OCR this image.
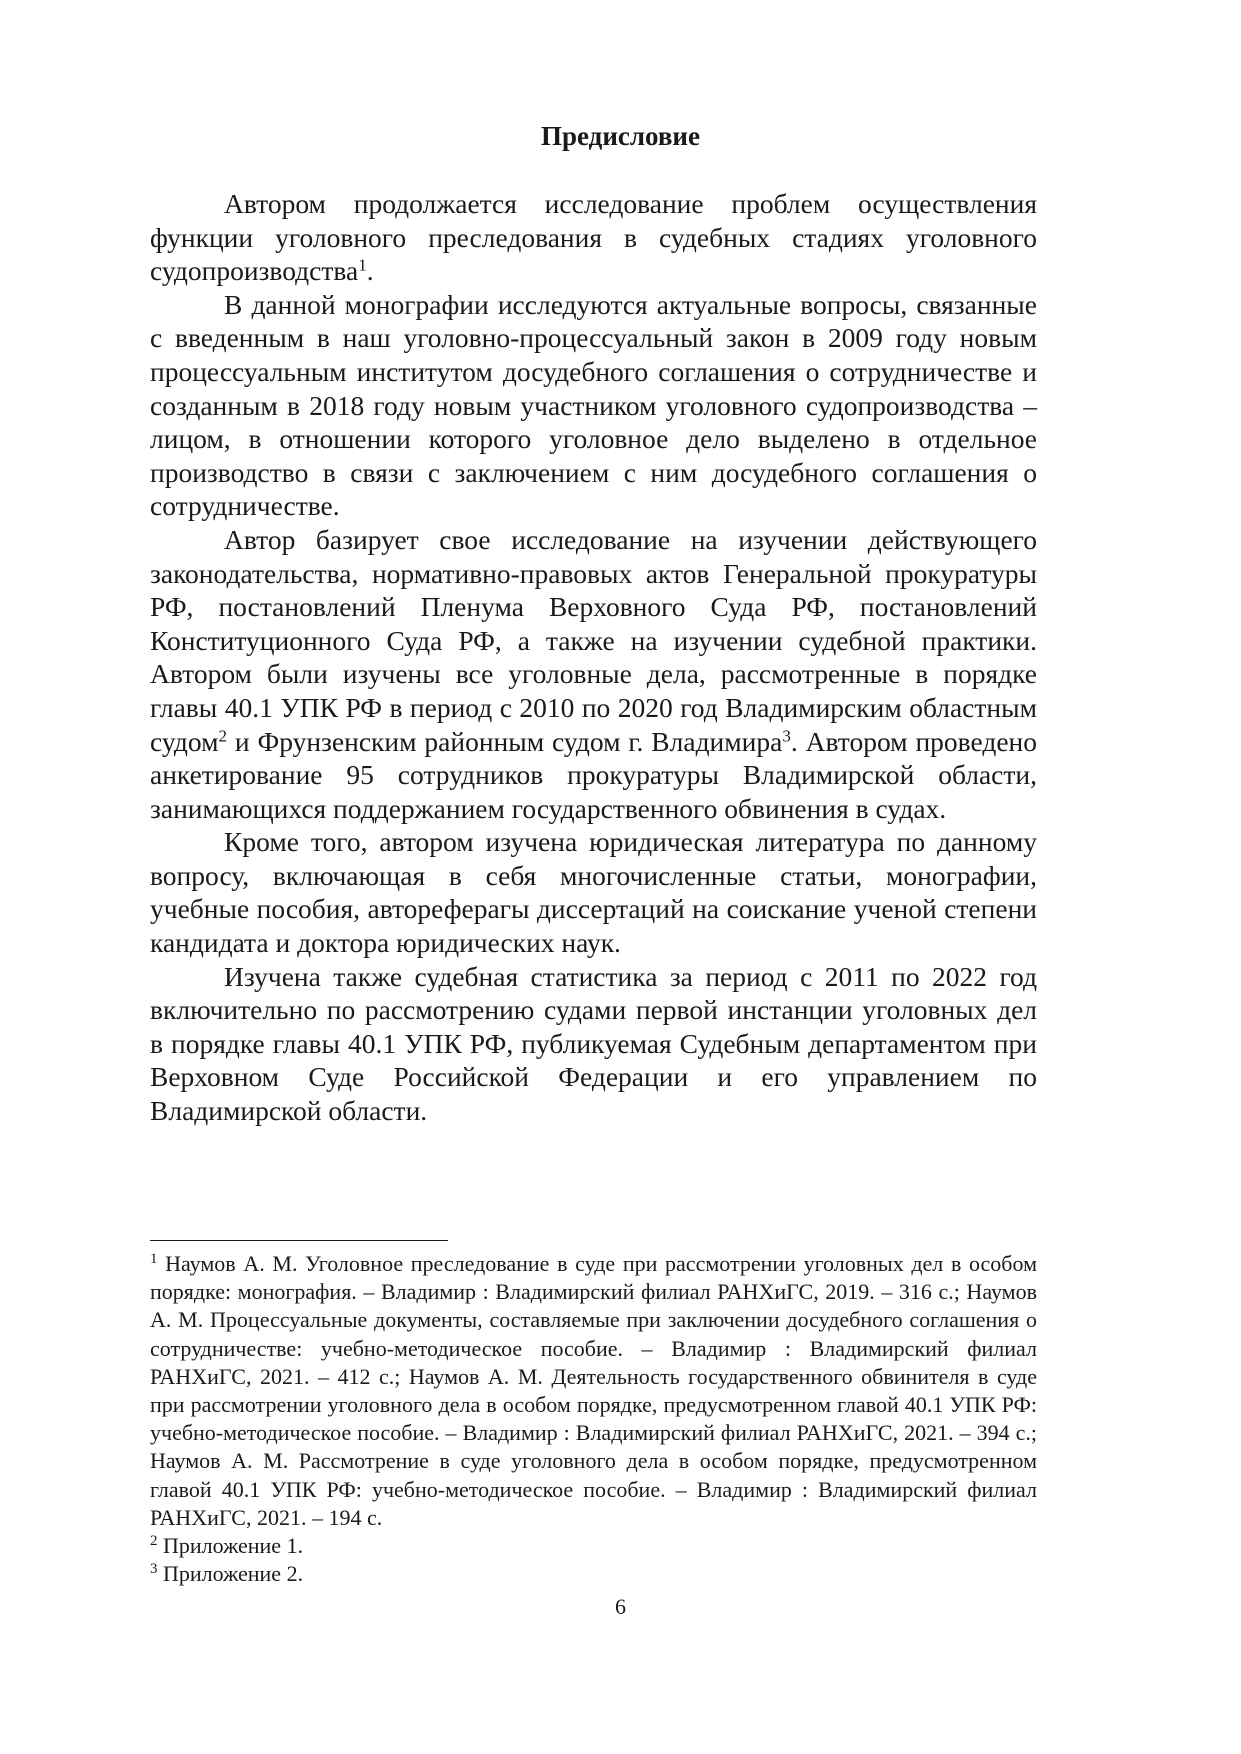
Предисловие

Автором продолжается исследование проблем осуществления функции уголовного преследования в судебных стадиях уголовного судопроизводства$^1$.

В данной монографии исследуются актуальные вопросы, связанные с введенным в наш уголовно-процессуальный закон в 2009 году новым процессуальным институтом досудебного соглашения о сотрудничестве и созданным в 2018 году новым участником уголовного судопроизводства – лицом, в отношении которого уголовное дело выделено в отдельное производство в связи с заключением с ним досудебного соглашения о сотрудничестве.

Автор базирует свое исследование на изучении действующего законодательства, нормативно-правовых актов Генеральной прокуратуры РФ, постановлений Пленума Верховного Суда РФ, постановлений Конституционного Суда РФ, а также на изучении судебной практики. Автором были изучены все уголовные дела, рассмотренные в порядке главы 40.1 УПК РФ в период с 2010 по 2020 год Владимирским областным судом$^2$ и Фрунзенским районным судом г. Владимира$^3$. Автором проведено анкетирование 95 сотрудников прокуратуры Владимирской области, занимающихся поддержанием государственного обвинения в судах.

Кроме того, автором изучена юридическая литература по данному вопросу, включающая в себя многочисленные статьи, монографии, учебные пособия, автореферагы диссертаций на соискание ученой степени кандидата и доктора юридических наук.

Изучена также судебная статистика за период с 2011 по 2022 год включительно по рассмотрению судами первой инстанции уголовных дел в порядке главы 40.1 УПК РФ, публикуемая Судебным департаментом при Верховном Суде Российской Федерации и его управлением по Владимирской области.

$^1$ Наумов А. М. Уголовное преследование в суде при рассмотрении уголовных дел в особом порядке: монография. – Владимир : Владимирский филиал РАНХиГС, 2019. – 316 с.; Наумов А. М. Процессуальные документы, составляемые при заключении досудебного соглашения о сотрудничестве: учебно-методическое пособие. – Владимир : Владимирский филиал РАНХиГС, 2021. – 412 с.; Наумов А. М. Деятельность государственного обвинителя в суде при рассмотрении уголовного дела в особом порядке, предусмотренном главой 40.1 УПК РФ: учебно-методическое пособие. – Владимир : Владимирский филиал РАНХиГС, 2021. – 394 с.; Наумов А. М. Рассмотрение в суде уголовного дела в особом порядке, предусмотренном главой 40.1 УПК РФ: учебно-методическое пособие. – Владимир : Владимирский филиал РАНХиГС, 2021. – 194 с.

$^2$ Приложение 1.

$^3$ Приложение 2.

6
